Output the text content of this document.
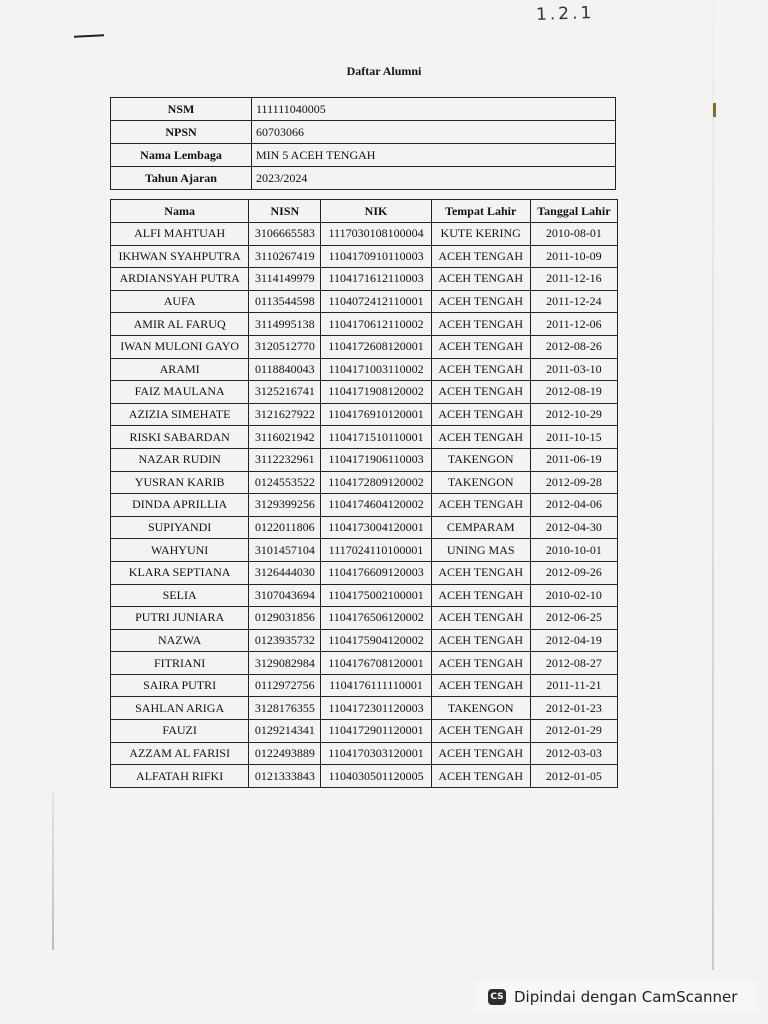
1.2.1
Daftar Alumni
NSM	111111040005
NPSN	60703066
Nama Lembaga	MIN 5 ACEH TENGAH
Tahun Ajaran	2023/2024
Nama	NISN	NIK	Tempat Lahir	Tanggal Lahir
ALFI MAHTUAH	3106665583	1117030108100004	KUTE KERING	2010-08-01
IKHWAN SYAHPUTRA	3110267419	1104170910110003	ACEH TENGAH	2011-10-09
ARDIANSYAH PUTRA	3114149979	1104171612110003	ACEH TENGAH	2011-12-16
AUFA	0113544598	1104072412110001	ACEH TENGAH	2011-12-24
AMIR AL FARUQ	3114995138	1104170612110002	ACEH TENGAH	2011-12-06
IWAN MULONI GAYO	3120512770	1104172608120001	ACEH TENGAH	2012-08-26
ARAMI	0118840043	1104171003110002	ACEH TENGAH	2011-03-10
FAIZ MAULANA	3125216741	1104171908120002	ACEH TENGAH	2012-08-19
AZIZIA SIMEHATE	3121627922	1104176910120001	ACEH TENGAH	2012-10-29
RISKI SABARDAN	3116021942	1104171510110001	ACEH TENGAH	2011-10-15
NAZAR RUDIN	3112232961	1104171906110003	TAKENGON	2011-06-19
YUSRAN KARIB	0124553522	1104172809120002	TAKENGON	2012-09-28
DINDA APRILLIA	3129399256	1104174604120002	ACEH TENGAH	2012-04-06
SUPIYANDI	0122011806	1104173004120001	CEMPARAM	2012-04-30
WAHYUNI	3101457104	1117024110100001	UNING MAS	2010-10-01
KLARA SEPTIANA	3126444030	1104176609120003	ACEH TENGAH	2012-09-26
SELIA	3107043694	1104175002100001	ACEH TENGAH	2010-02-10
PUTRI JUNIARA	0129031856	1104176506120002	ACEH TENGAH	2012-06-25
NAZWA	0123935732	1104175904120002	ACEH TENGAH	2012-04-19
FITRIANI	3129082984	1104176708120001	ACEH TENGAH	2012-08-27
SAIRA PUTRI	0112972756	1104176111110001	ACEH TENGAH	2011-11-21
SAHLAN ARIGA	3128176355	1104172301120003	TAKENGON	2012-01-23
FAUZI	0129214341	1104172901120001	ACEH TENGAH	2012-01-29
AZZAM AL FARISI	0122493889	1104170303120001	ACEH TENGAH	2012-03-03
ALFATAH RIFKI	0121333843	1104030501120005	ACEH TENGAH	2012-01-05
CS Dipindai dengan CamScanner
